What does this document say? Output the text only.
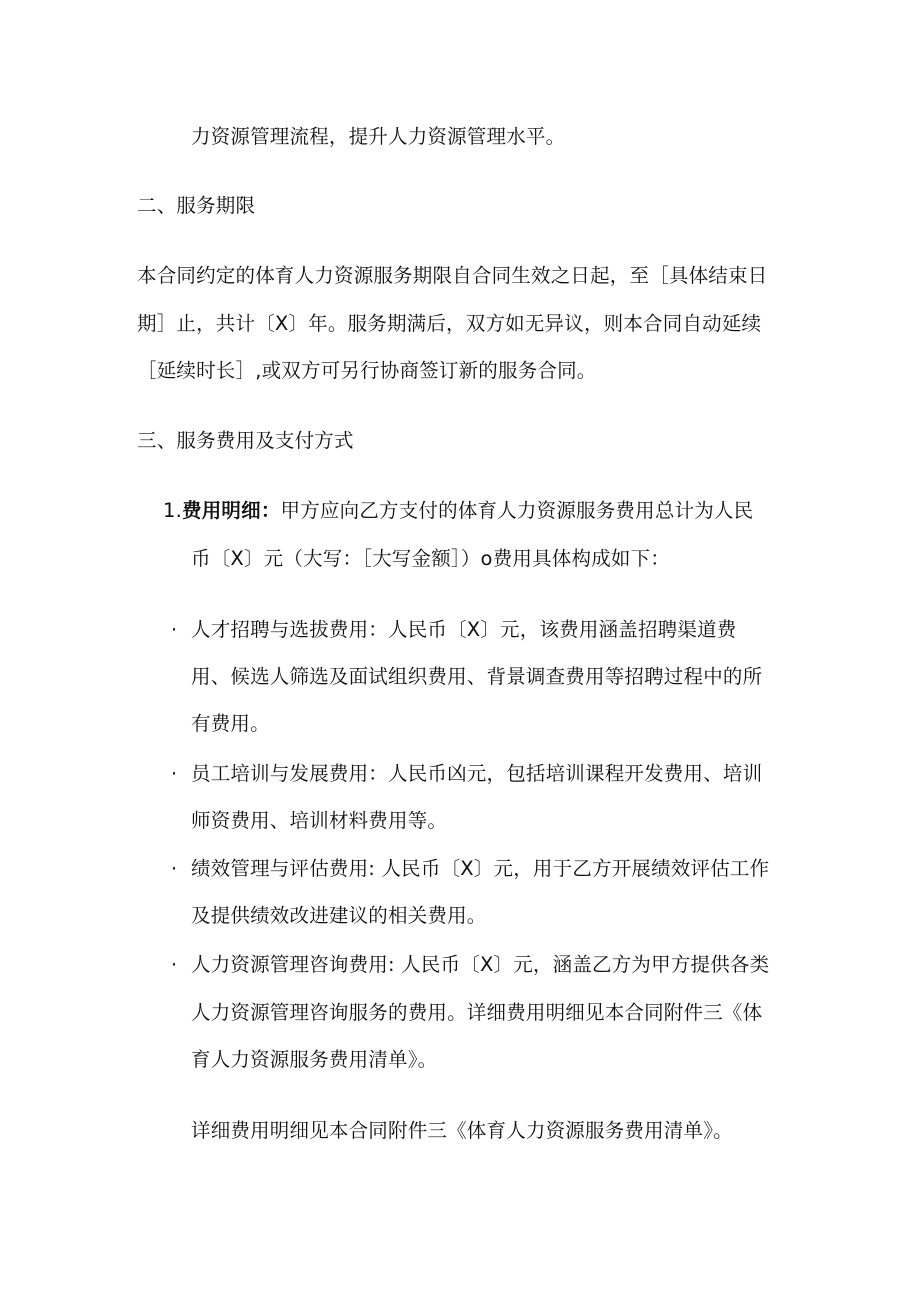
力资源管理流程，提升人力资源管理水平。
二、服务期限
本合同约定的体育人力资源服务期限自合同生效之日起，至［具体结束日
期］止，共计〔X〕年。服务期满后，双方如无异议，则本合同自动延续
［延续时长］,或双方可另行协商签订新的服务合同。
三、服务费用及支付方式
1.费用明细：甲方应向乙方支付的体育人力资源服务费用总计为人民
币〔X〕元（大写：［大写金额］）o费用具体构成如下：
· 人才招聘与选拔费用：人民币〔X〕元，该费用涵盖招聘渠道费
用、候选人筛选及面试组织费用、背景调查费用等招聘过程中的所
有费用。
· 员工培训与发展费用：人民币凶元，包括培训课程开发费用、培训
师资费用、培训材料费用等。
· 绩效管理与评估费用: 人民币〔X〕元，用于乙方开展绩效评估工作
及提供绩效改进建议的相关费用。
· 人力资源管理咨询费用: 人民币〔X〕元，涵盖乙方为甲方提供各类
人力资源管理咨询服务的费用。详细费用明细见本合同附件三《体
育人力资源服务费用清单》。
详细费用明细见本合同附件三《体育人力资源服务费用清单》。
